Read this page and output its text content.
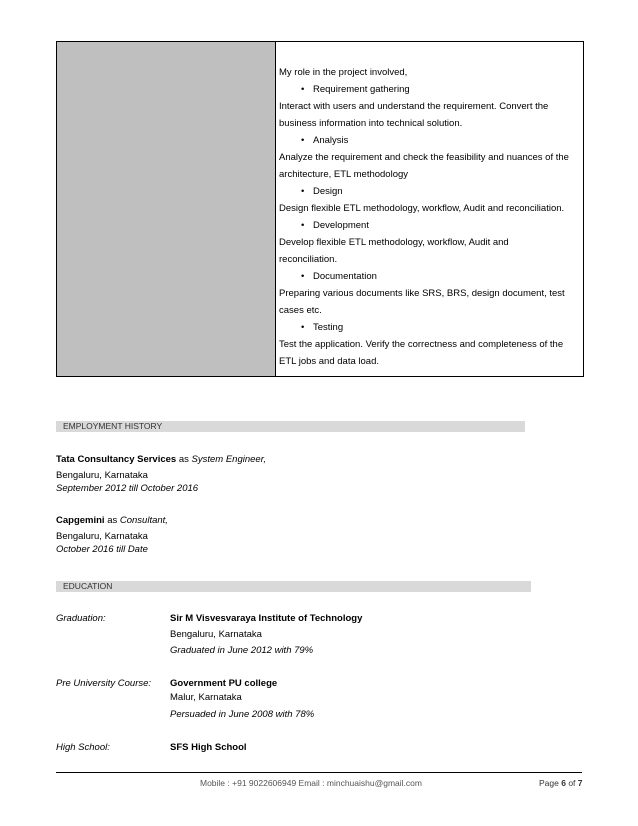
My role in the project involved,
• Requirement gathering
Interact with users and understand the requirement. Convert the
business information into technical solution.
• Analysis
Analyze the requirement and check the feasibility and nuances of the
architecture, ETL methodology
• Design
Design flexible ETL methodology, workflow, Audit and reconciliation.
• Development
Develop flexible ETL methodology, workflow, Audit and
reconciliation.
• Documentation
Preparing various documents like SRS, BRS, design document, test
cases etc.
• Testing
Test the application. Verify the correctness and completeness of the
ETL jobs and data load.
EMPLOYMENT HISTORY
Tata Consultancy Services as System Engineer,
Bengaluru, Karnataka
September 2012 till October 2016
Capgemini as Consultant,
Bengaluru, Karnataka
October 2016 till Date
EDUCATION
Graduation:	Sir M Visvesvaraya Institute of Technology
Bengaluru, Karnataka
Graduated in June 2012 with 79%
Pre University Course: Government PU college
Malur, Karnataka
Persuaded in June 2008 with 78%
High School:	SFS High School
Mobile : +91 9022606949 Email : minchuaishu@gmail.com	Page 6 of 7
